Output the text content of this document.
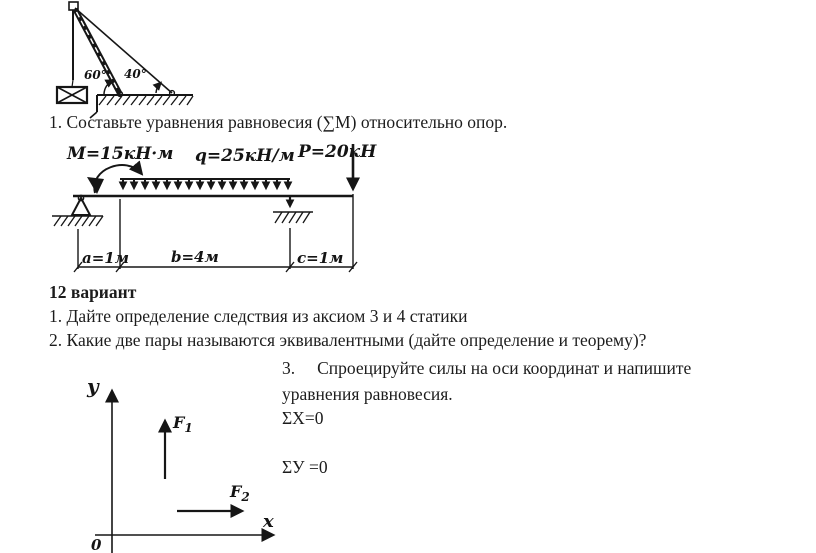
60° 40°
1. Составьте уравнения равновесия (∑М) относительно опор.
М=15кН·м q=25кН/м Р=20кН
a=1м	b=4м	c=1м
12 вариант
1. Дайте определение следствия из аксиом 3 и 4 статики
2. Какие две пары называются эквивалентными (дайте определение и теорему)?
3. Спроецируйте силы на оси координат и напишите
уравнения равновесия.
ΣХ=0
ΣУ =0
y
x
0
$F_1$
$F_2$
